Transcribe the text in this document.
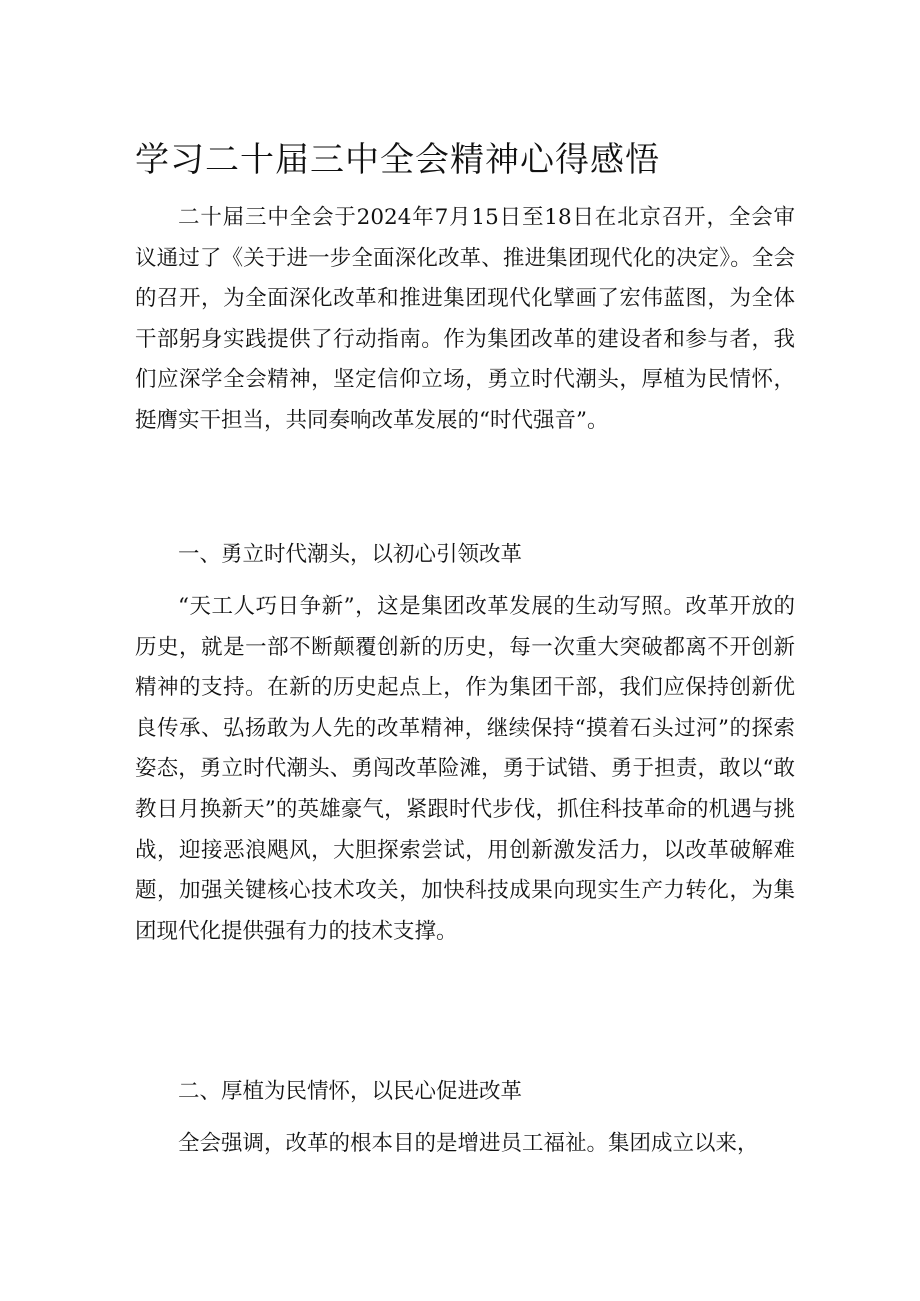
学习二十届三中全会精神心得感悟

二十届三中全会于2024年7月15日至18日在北京召开，全会审议通过了《关于进一步全面深化改革、推进集团现代化的决定》。全会的召开，为全面深化改革和推进集团现代化擘画了宏伟蓝图，为全体干部躬身实践提供了行动指南。作为集团改革的建设者和参与者，我们应深学全会精神，坚定信仰立场，勇立时代潮头，厚植为民情怀，挺膺实干担当，共同奏响改革发展的“时代强音”。

一、勇立时代潮头，以初心引领改革

“天工人巧日争新”，这是集团改革发展的生动写照。改革开放的历史，就是一部不断颠覆创新的历史，每一次重大突破都离不开创新精神的支持。在新的历史起点上，作为集团干部，我们应保持创新优良传承、弘扬敢为人先的改革精神，继续保持“摸着石头过河”的探索姿态，勇立时代潮头、勇闯改革险滩，勇于试错、勇于担责，敢以“敢教日月换新天”的英雄豪气，紧跟时代步伐，抓住科技革命的机遇与挑战，迎接恶浪飓风，大胆探索尝试，用创新激发活力，以改革破解难题，加强关键核心技术攻关，加快科技成果向现实生产力转化，为集团现代化提供强有力的技术支撑。

二、厚植为民情怀，以民心促进改革

全会强调，改革的根本目的是增进员工福祉。集团成立以来，
